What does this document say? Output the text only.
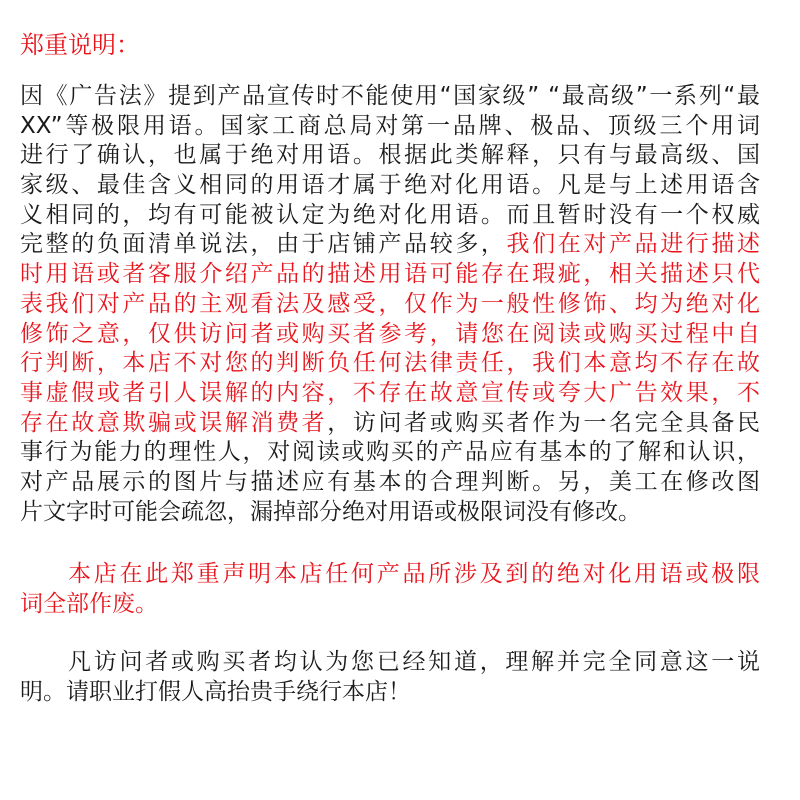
郑重说明：
因《广告法》提到产品宣传时不能使用“国家级” “最高级”一系列“最
XX”等极限用语。国家工商总局对第一品牌、极品、顶级三个用词
进行了确认，也属于绝对用语。根据此类解释，只有与最高级、国
家级、最佳含义相同的用语才属于绝对化用语。凡是与上述用语含
义相同的，均有可能被认定为绝对化用语。而且暂时没有一个权威
完整的负面清单说法，由于店铺产品较多，我们在对产品进行描述
时用语或者客服介绍产品的描述用语可能存在瑕疵，相关描述只代
表我们对产品的主观看法及感受，仅作为一般性修饰、均为绝对化
修饰之意，仅供访问者或购买者参考，请您在阅读或购买过程中自
行判断，本店不对您的判断负任何法律责任，我们本意均不存在故
事虚假或者引人误解的内容，不存在故意宣传或夸大广告效果，不
存在故意欺骗或误解消费者，访问者或购买者作为一名完全具备民
事行为能力的理性人，对阅读或购买的产品应有基本的了解和认识，
对产品展示的图片与描述应有基本的合理判断。另，美工在修改图
片文字时可能会疏忽，漏掉部分绝对用语或极限词没有修改。
本店在此郑重声明本店任何产品所涉及到的绝对化用语或极限
词全部作废。
凡访问者或购买者均认为您已经知道，理解并完全同意这一说
明。请职业打假人高抬贵手绕行本店！
